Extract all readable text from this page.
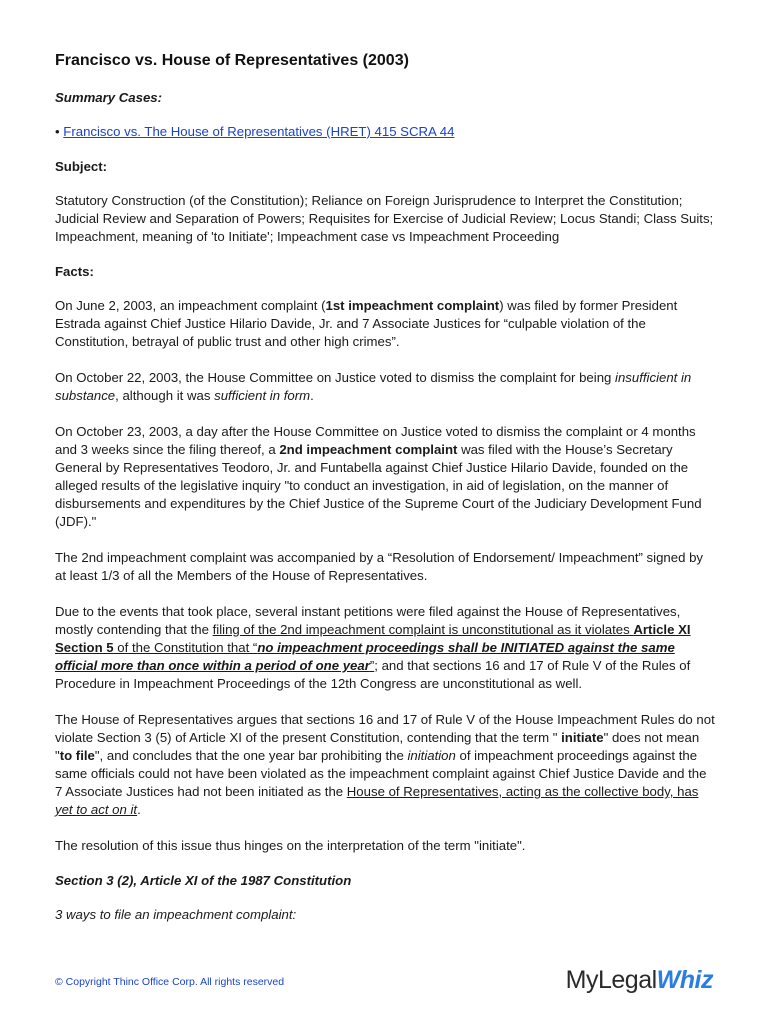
Francisco vs. House of Representatives (2003)
Summary Cases:
• Francisco vs. The House of Representatives (HRET) 415 SCRA 44
Subject:

Statutory Construction (of the Constitution); Reliance on Foreign Jurisprudence to Interpret the Constitution; Judicial Review and Separation of Powers; Requisites for Exercise of Judicial Review; Locus Standi; Class Suits; Impeachment, meaning of 'to Initiate'; Impeachment case vs Impeachment Proceeding

Facts:

On June 2, 2003, an impeachment complaint (1st impeachment complaint) was filed by former President Estrada against Chief Justice Hilario Davide, Jr. and 7 Associate Justices for “culpable violation of the Constitution, betrayal of public trust and other high crimes”.

On October 22, 2003, the House Committee on Justice voted to dismiss the complaint for being insufficient in substance, although it was sufficient in form.

On October 23, 2003, a day after the House Committee on Justice voted to dismiss the complaint or 4 months and 3 weeks since the filing thereof, a 2nd impeachment complaint was filed with the House’s Secretary General by Representatives Teodoro, Jr. and Funtabella against Chief Justice Hilario Davide, founded on the alleged results of the legislative inquiry "to conduct an investigation, in aid of legislation, on the manner of disbursements and expenditures by the Chief Justice of the Supreme Court of the Judiciary Development Fund (JDF)."

The 2nd impeachment complaint was accompanied by a “Resolution of Endorsement/ Impeachment” signed by at least 1/3 of all the Members of the House of Representatives.

Due to the events that took place, several instant petitions were filed against the House of Representatives, mostly contending that the filing of the 2nd impeachment complaint is unconstitutional as it violates Article XI Section 5 of the Constitution that “no impeachment proceedings shall be INITIATED against the same official more than once within a period of one year”; and that sections 16 and 17 of Rule V of the Rules of Procedure in Impeachment Proceedings of the 12th Congress are unconstitutional as well.

The House of Representatives argues that sections 16 and 17 of Rule V of the House Impeachment Rules do not violate Section 3 (5) of Article XI of the present Constitution, contending that the term " initiate" does not mean "to file", and concludes that the one year bar prohibiting the initiation of impeachment proceedings against the same officials could not have been violated as the impeachment complaint against Chief Justice Davide and the 7 Associate Justices had not been initiated as the House of Representatives, acting as the collective body, has yet to act on it.

The resolution of this issue thus hinges on the interpretation of the term "initiate".

Section 3 (2), Article XI of the 1987 Constitution

3 ways to file an impeachment complaint:

© Copyright Thinc Office Corp. All rights reserved	MyLegalWhiz
